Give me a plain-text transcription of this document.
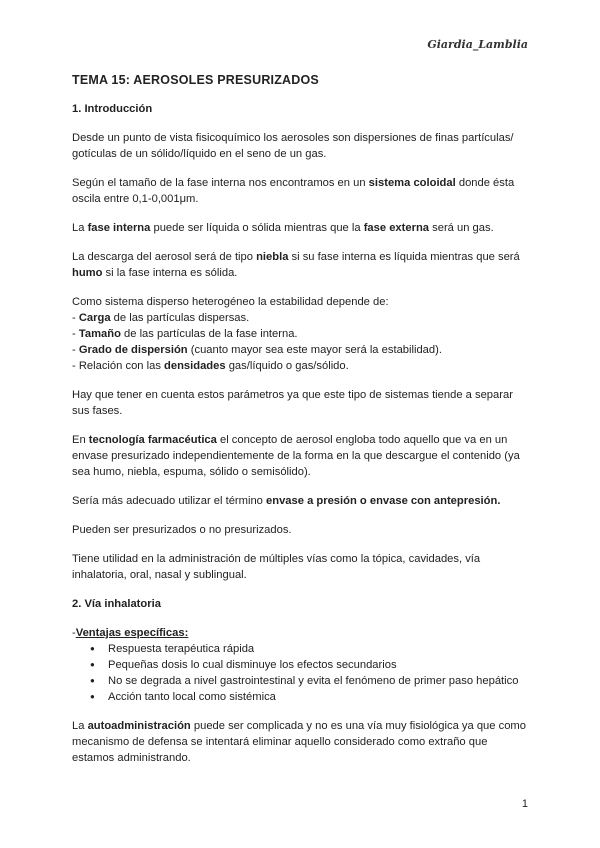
Giardia_Lamblia
TEMA 15: AEROSOLES PRESURIZADOS
1. Introducción

Desde un punto de vista fisicoquímico los aerosoles son dispersiones de finas partículas/ gotículas de un sólido/líquido en el seno de un gas.

Según el tamaño de la fase interna nos encontramos en un sistema coloidal donde ésta oscila entre 0,1-0,001μm.

La fase interna puede ser líquida o sólida mientras que la fase externa será un gas.

La descarga del aerosol será de tipo niebla si su fase interna es líquida mientras que será humo si la fase interna es sólida.

Como sistema disperso heterogéneo la estabilidad depende de:
- Carga de las partículas dispersas.
- Tamaño de las partículas de la fase interna.
- Grado de dispersión (cuanto mayor sea este mayor será la estabilidad).
- Relación con las densidades gas/líquido o gas/sólido.

Hay que tener en cuenta estos parámetros ya que este tipo de sistemas tiende a separar sus fases.

En tecnología farmacéutica el concepto de aerosol engloba todo aquello que va en un envase presurizado independientemente de la forma en la que descargue el contenido (ya sea humo, niebla, espuma, sólido o semisólido).

Sería más adecuado utilizar el término envase a presión o envase con antepresión.

Pueden ser presurizados o no presurizados.

Tiene utilidad en la administración de múltiples vías como la tópica, cavidades, vía inhalatoria, oral, nasal y sublingual.

2. Vía inhalatoria
-Ventajas específicas:
● Respuesta terapéutica rápida
● Pequeñas dosis lo cual disminuye los efectos secundarios
● No se degrada a nivel gastrointestinal y evita el fenómeno de primer paso hepático
● Acción tanto local como sistémica

La autoadministración puede ser complicada y no es una vía muy fisiológica ya que como mecanismo de defensa se intentará eliminar aquello considerado como extraño que estamos administrando.

1
